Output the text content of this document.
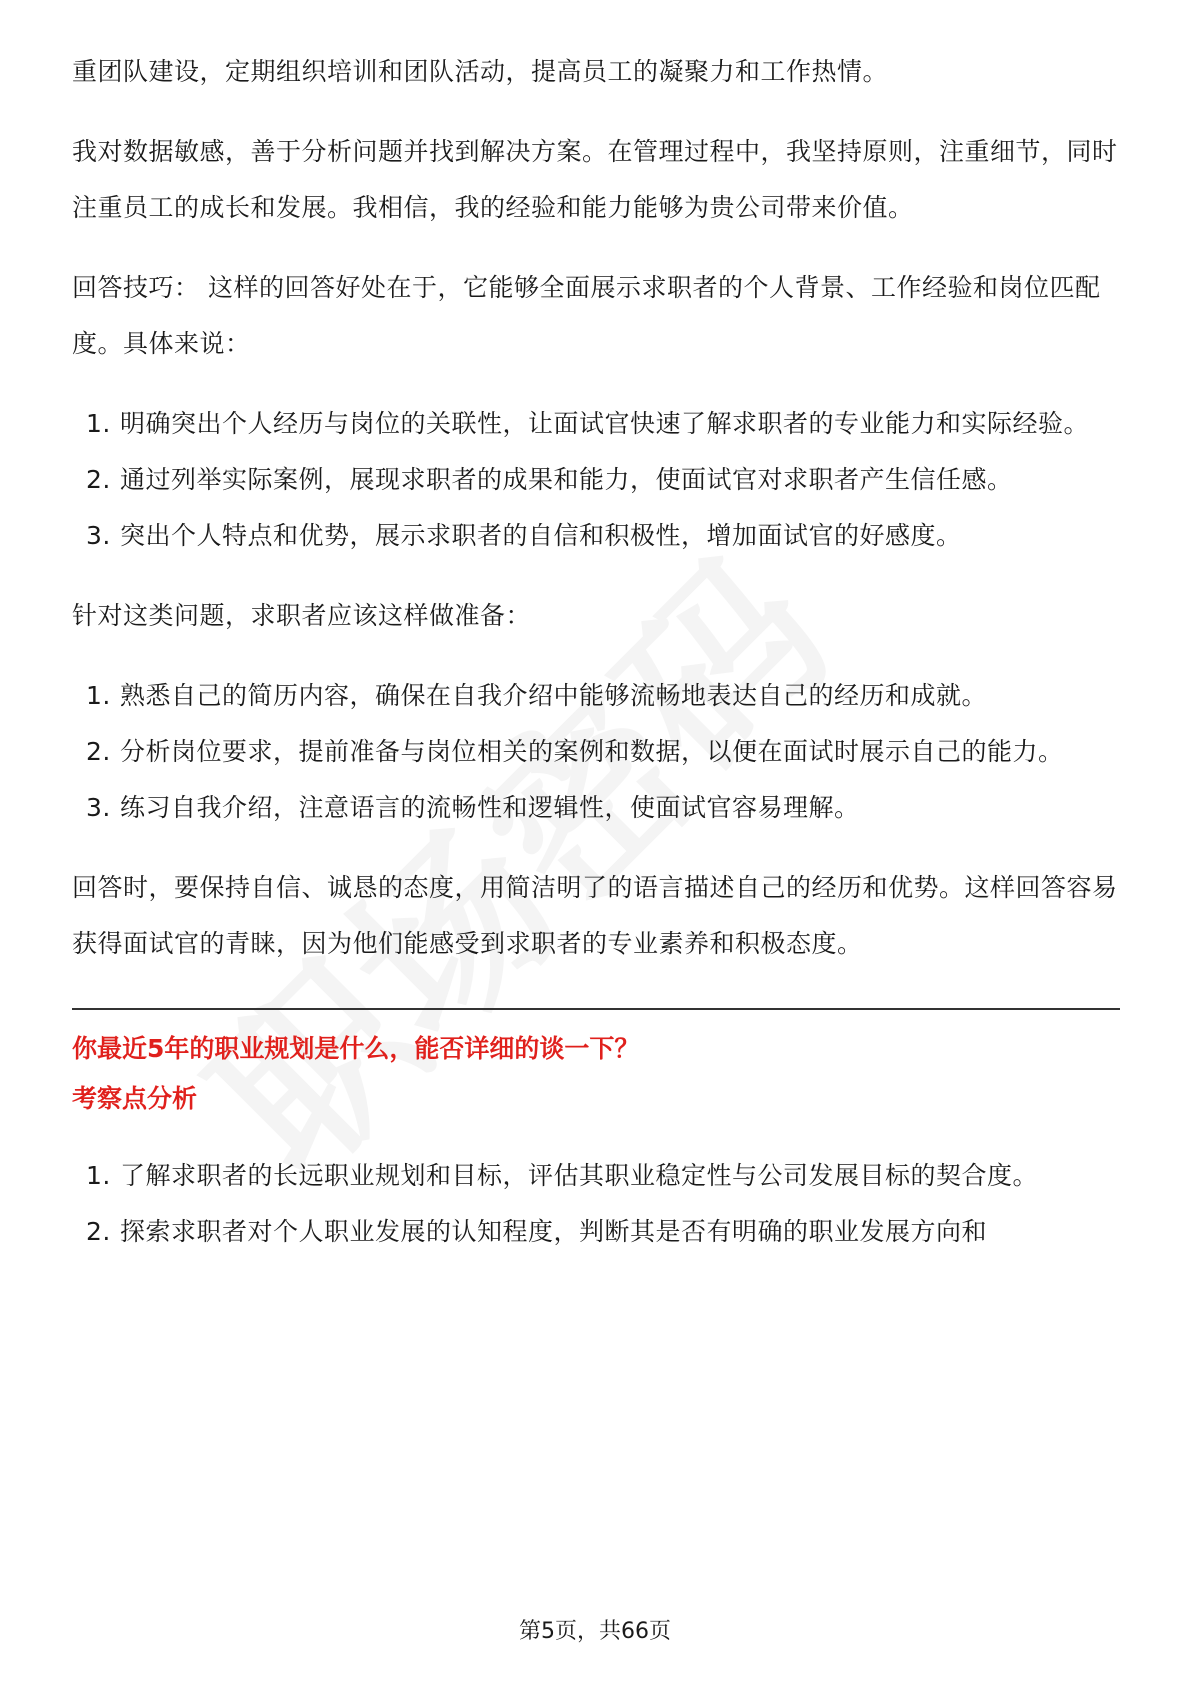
重团队建设，定期组织培训和团队活动，提高员工的凝聚力和工作热情。

我对数据敏感，善于分析问题并找到解决方案。在管理过程中，我坚持原则，注重细节，同时注重员工的成长和发展。我相信，我的经验和能力能够为贵公司带来价值。

回答技巧： 这样的回答好处在于，它能够全面展示求职者的个人背景、工作经验和岗位匹配度。具体来说：

1. 明确突出个人经历与岗位的关联性，让面试官快速了解求职者的专业能力和实际经验。
2. 通过列举实际案例，展现求职者的成果和能力，使面试官对求职者产生信任感。
3. 突出个人特点和优势，展示求职者的自信和积极性，增加面试官的好感度。

针对这类问题，求职者应该这样做准备：

1. 熟悉自己的简历内容，确保在自我介绍中能够流畅地表达自己的经历和成就。
2. 分析岗位要求，提前准备与岗位相关的案例和数据，以便在面试时展示自己的能力。
3. 练习自我介绍，注意语言的流畅性和逻辑性，使面试官容易理解。

回答时，要保持自信、诚恳的态度，用简洁明了的语言描述自己的经历和优势。这样回答容易获得面试官的青睐，因为他们能感受到求职者的专业素养和积极态度。

你最近5年的职业规划是什么，能否详细的谈一下？

考察点分析

1. 了解求职者的长远职业规划和目标，评估其职业稳定性与公司发展目标的契合度。
2. 探索求职者对个人职业发展的认知程度，判断其是否有明确的职业发展方向和
第5页，共66页
